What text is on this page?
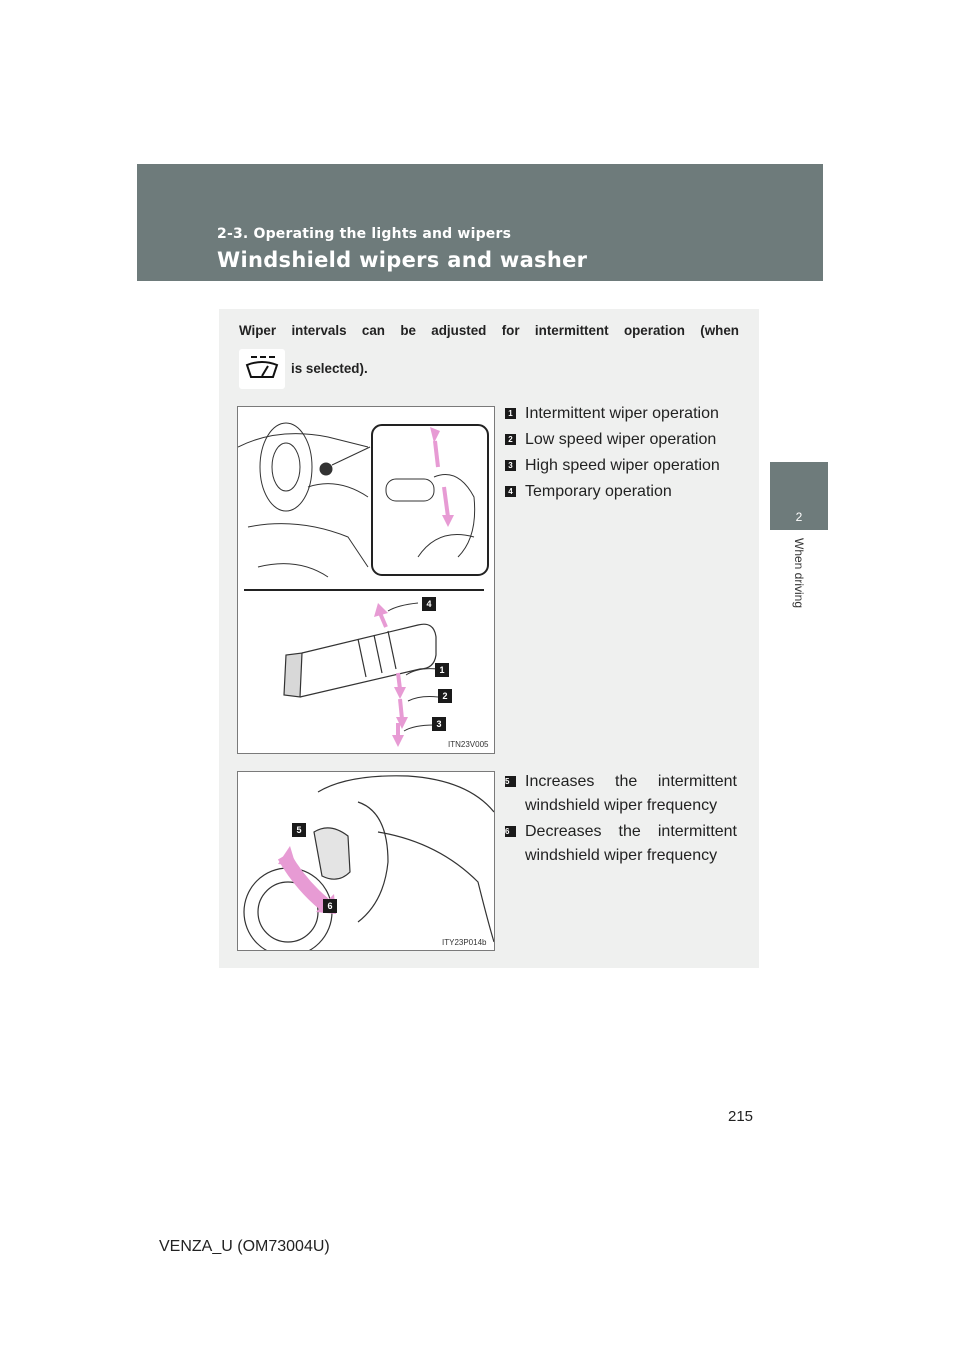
2-3. Operating the lights and wipers
Windshield wipers and washer
2
When driving
Wiper intervals can be adjusted for intermittent operation (when
is selected).
4
1
2
3
ITN23V005
1 Intermittent wiper operation
2 Low speed wiper operation
3 High speed wiper operation
4 Temporary operation
5
6
ITY23P014b
5 Increases the intermittent
windshield wiper frequency
6 Decreases the intermittent
windshield wiper frequency
215
VENZA_U (OM73004U)
